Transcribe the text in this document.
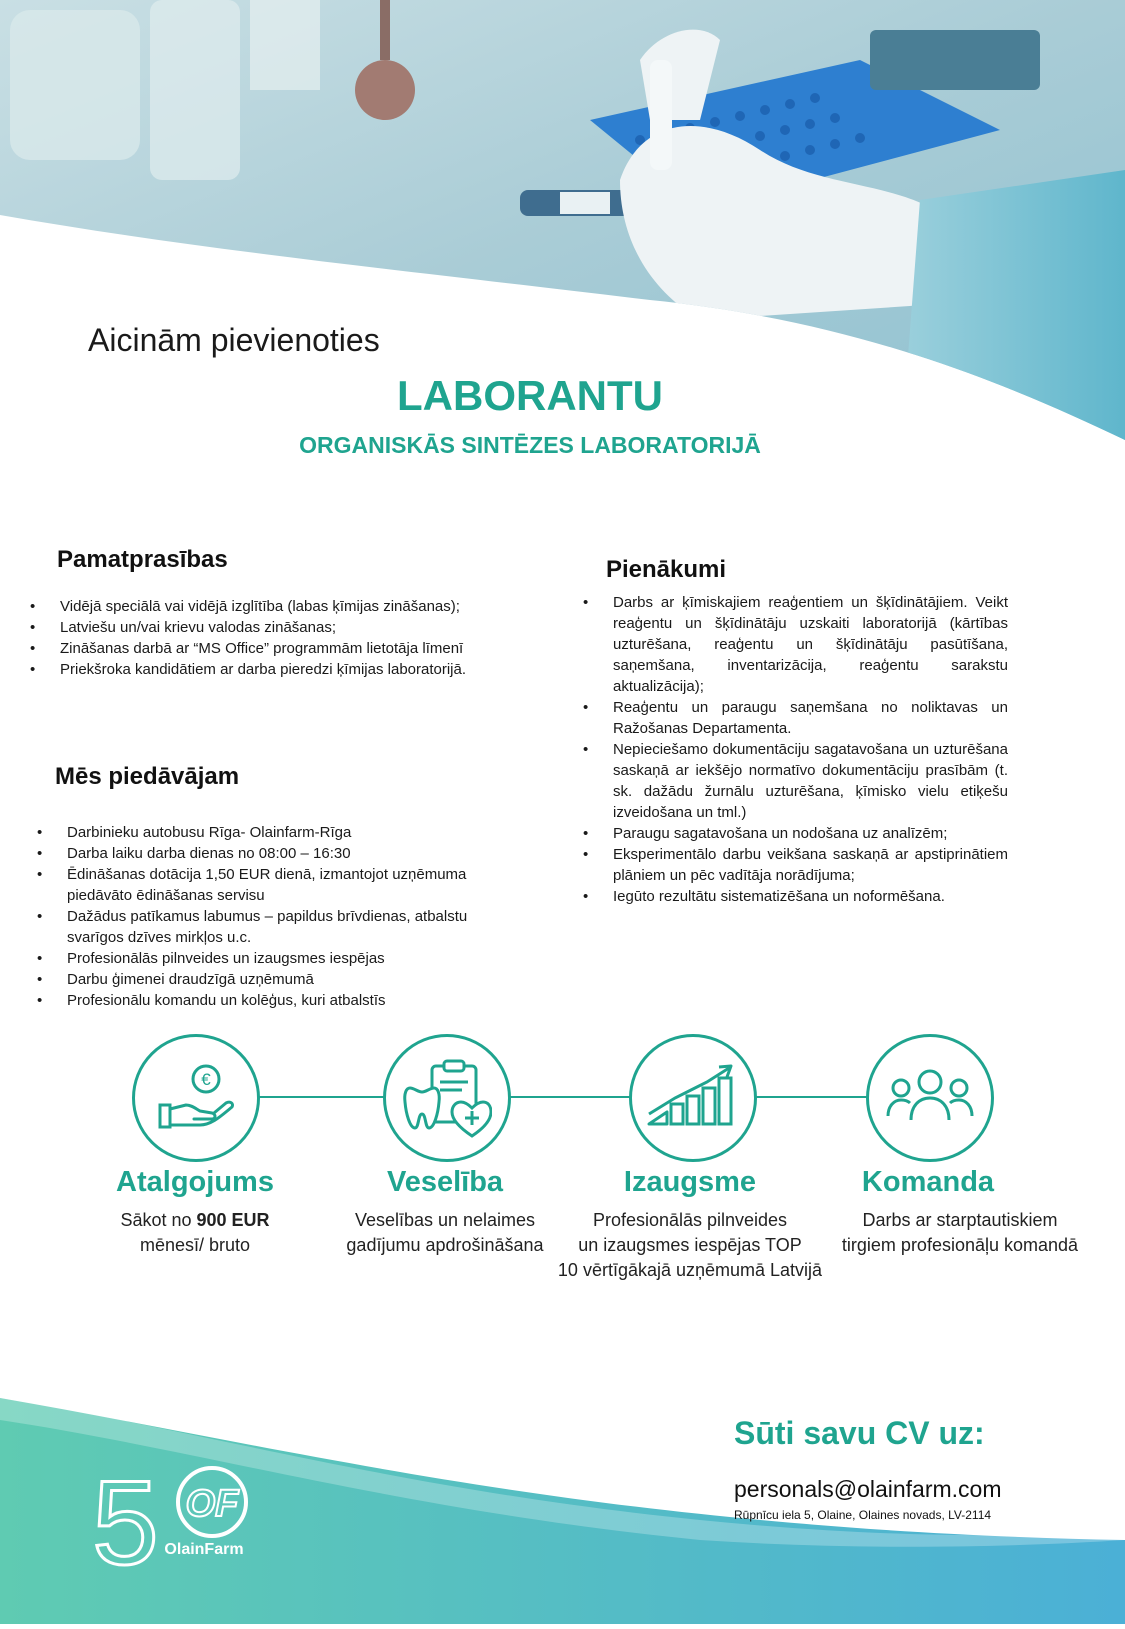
Aicinām pievienoties
LABORANTU
ORGANISKĀS SINTĒZES LABORATORIJĀ
Pamatprasības
• Vidējā speciālā vai vidējā izglītība (labas ķīmijas zināšanas);
• Latviešu un/vai krievu valodas zināšanas;
• Zināšanas darbā ar “MS Office” programmām lietotāja līmenī
• Priekšroka kandidātiem ar darba pieredzi ķīmijas laboratorijā.
Mēs piedāvājam
• Darbinieku autobusu Rīga- Olainfarm-Rīga
• Darba laiku darba dienas no 08:00 – 16:30
• Ēdināšanas dotācija 1,50 EUR dienā, izmantojot uzņēmuma piedāvāto ēdināšanas servisu
• Dažādus patīkamus labumus – papildus brīvdienas, atbalstu svarīgos dzīves mirkļos u.c.
• Profesionālās pilnveides un izaugsmes iespējas
• Darbu ģimenei draudzīgā uzņēmumā
• Profesionālu komandu un kolēģus, kuri atbalstīs
Pienākumi
• Darbs ar ķīmiskajiem reaģentiem un šķīdinātājiem. Veikt reaģentu un šķīdinātāju uzskaiti laboratorijā (kārtības uzturēšana, reaģentu un šķīdinātāju pasūtīšana, saņemšana, inventarizācija, reaģentu sarakstu aktualizācija);
• Reaģentu un paraugu saņemšana no noliktavas un Ražošanas Departamenta.
• Nepieciešamo dokumentāciju sagatavošana un uzturēšana saskaņā ar iekšējo normatīvo dokumentāciju prasībām (t. sk. dažādu žurnālu uzturēšana, ķīmisko vielu etiķešu izveidošana un tml.)
• Paraugu sagatavošana un nodošana uz analīzēm;
• Eksperimentālo darbu veikšana saskaņā ar apstiprinātiem plāniem un pēc vadītāja norādījuma;
• Iegūto rezultātu sistematizēšana un noformēšana.
€
Atalgojums	Veselība	Izaugsme	Komanda
Sākot no 900 EUR
mēnesī/ bruto
Veselības un nelaimes
gadījumu apdrošināšana
Profesionālās pilnveides
un izaugsmes iespējas TOP
10 vērtīgākajā uzņēmumā Latvijā
Darbs ar starptautiskiem
tirgiem profesionāļu komandā
5 OF
OlainFarm
Sūti savu CV uz:
personals@olainfarm.com
Rūpnīcu iela 5, Olaine, Olaines novads, LV-2114
